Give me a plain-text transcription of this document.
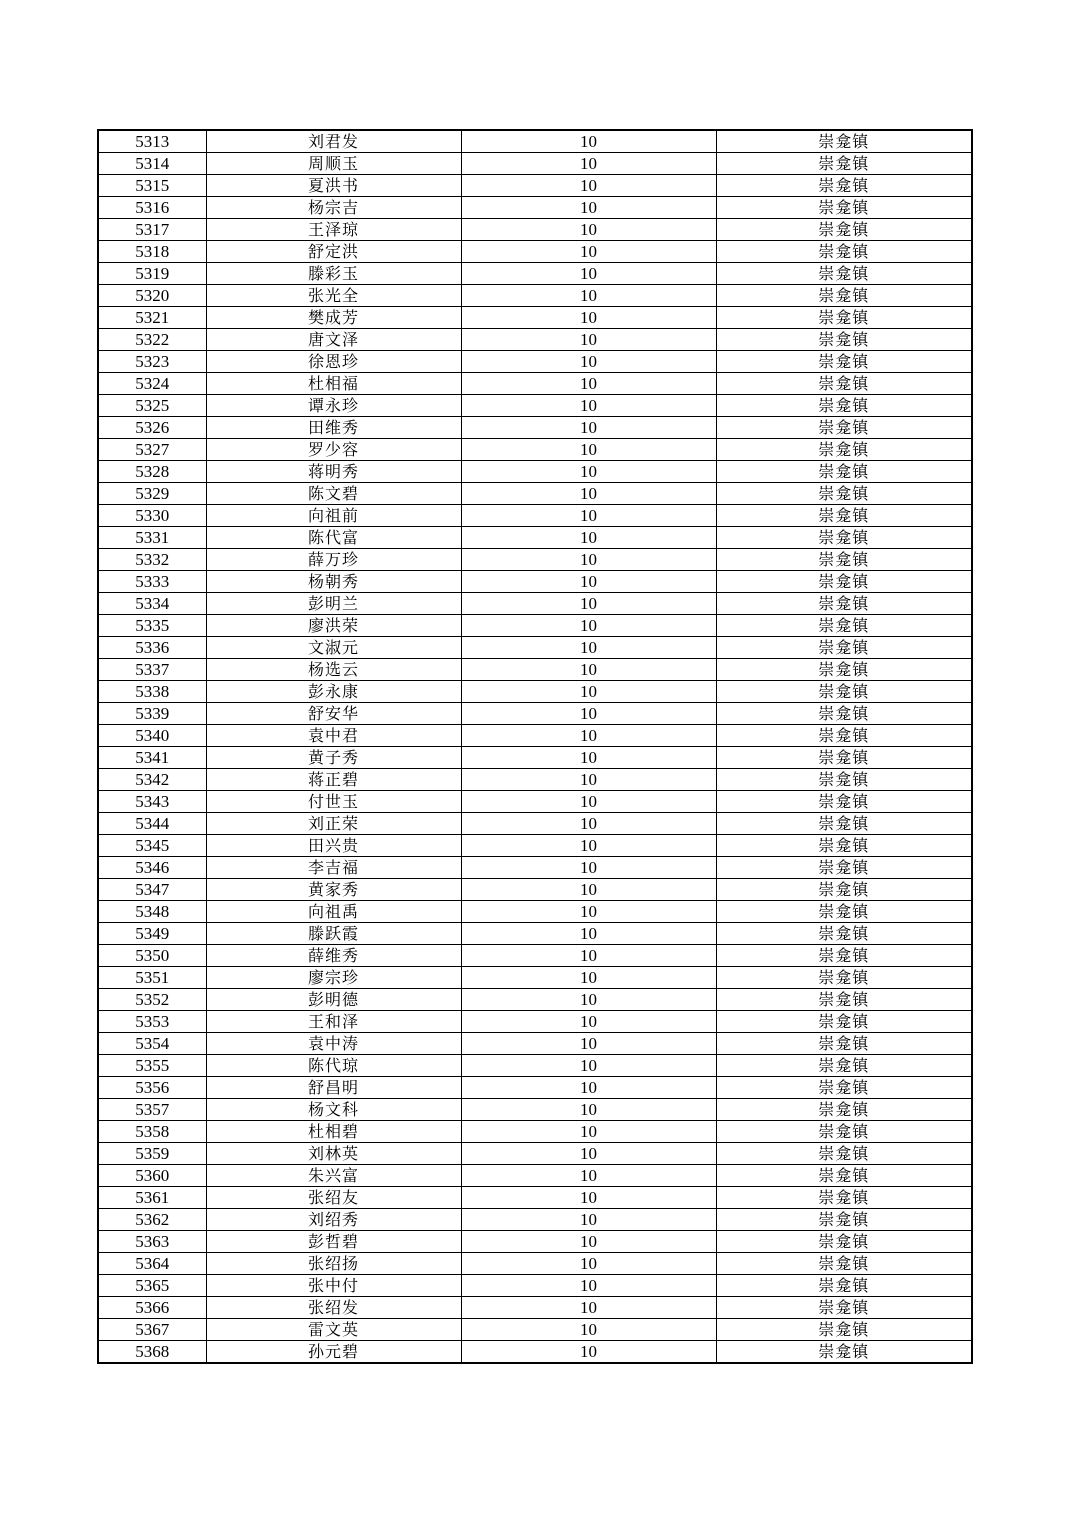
5313	刘君发	10	崇龛镇
5314	周顺玉	10	崇龛镇
5315	夏洪书	10	崇龛镇
5316	杨宗吉	10	崇龛镇
5317	王泽琼	10	崇龛镇
5318	舒定洪	10	崇龛镇
5319	滕彩玉	10	崇龛镇
5320	张光全	10	崇龛镇
5321	樊成芳	10	崇龛镇
5322	唐文泽	10	崇龛镇
5323	徐恩珍	10	崇龛镇
5324	杜相福	10	崇龛镇
5325	谭永珍	10	崇龛镇
5326	田维秀	10	崇龛镇
5327	罗少容	10	崇龛镇
5328	蒋明秀	10	崇龛镇
5329	陈文碧	10	崇龛镇
5330	向祖前	10	崇龛镇
5331	陈代富	10	崇龛镇
5332	薛万珍	10	崇龛镇
5333	杨朝秀	10	崇龛镇
5334	彭明兰	10	崇龛镇
5335	廖洪荣	10	崇龛镇
5336	文淑元	10	崇龛镇
5337	杨选云	10	崇龛镇
5338	彭永康	10	崇龛镇
5339	舒安华	10	崇龛镇
5340	袁中君	10	崇龛镇
5341	黄子秀	10	崇龛镇
5342	蒋正碧	10	崇龛镇
5343	付世玉	10	崇龛镇
5344	刘正荣	10	崇龛镇
5345	田兴贵	10	崇龛镇
5346	李吉福	10	崇龛镇
5347	黄家秀	10	崇龛镇
5348	向祖禹	10	崇龛镇
5349	滕跃霞	10	崇龛镇
5350	薛维秀	10	崇龛镇
5351	廖宗珍	10	崇龛镇
5352	彭明德	10	崇龛镇
5353	王和泽	10	崇龛镇
5354	袁中涛	10	崇龛镇
5355	陈代琼	10	崇龛镇
5356	舒昌明	10	崇龛镇
5357	杨文科	10	崇龛镇
5358	杜相碧	10	崇龛镇
5359	刘林英	10	崇龛镇
5360	朱兴富	10	崇龛镇
5361	张绍友	10	崇龛镇
5362	刘绍秀	10	崇龛镇
5363	彭哲碧	10	崇龛镇
5364	张绍扬	10	崇龛镇
5365	张中付	10	崇龛镇
5366	张绍发	10	崇龛镇
5367	雷文英	10	崇龛镇
5368	孙元碧	10	崇龛镇
